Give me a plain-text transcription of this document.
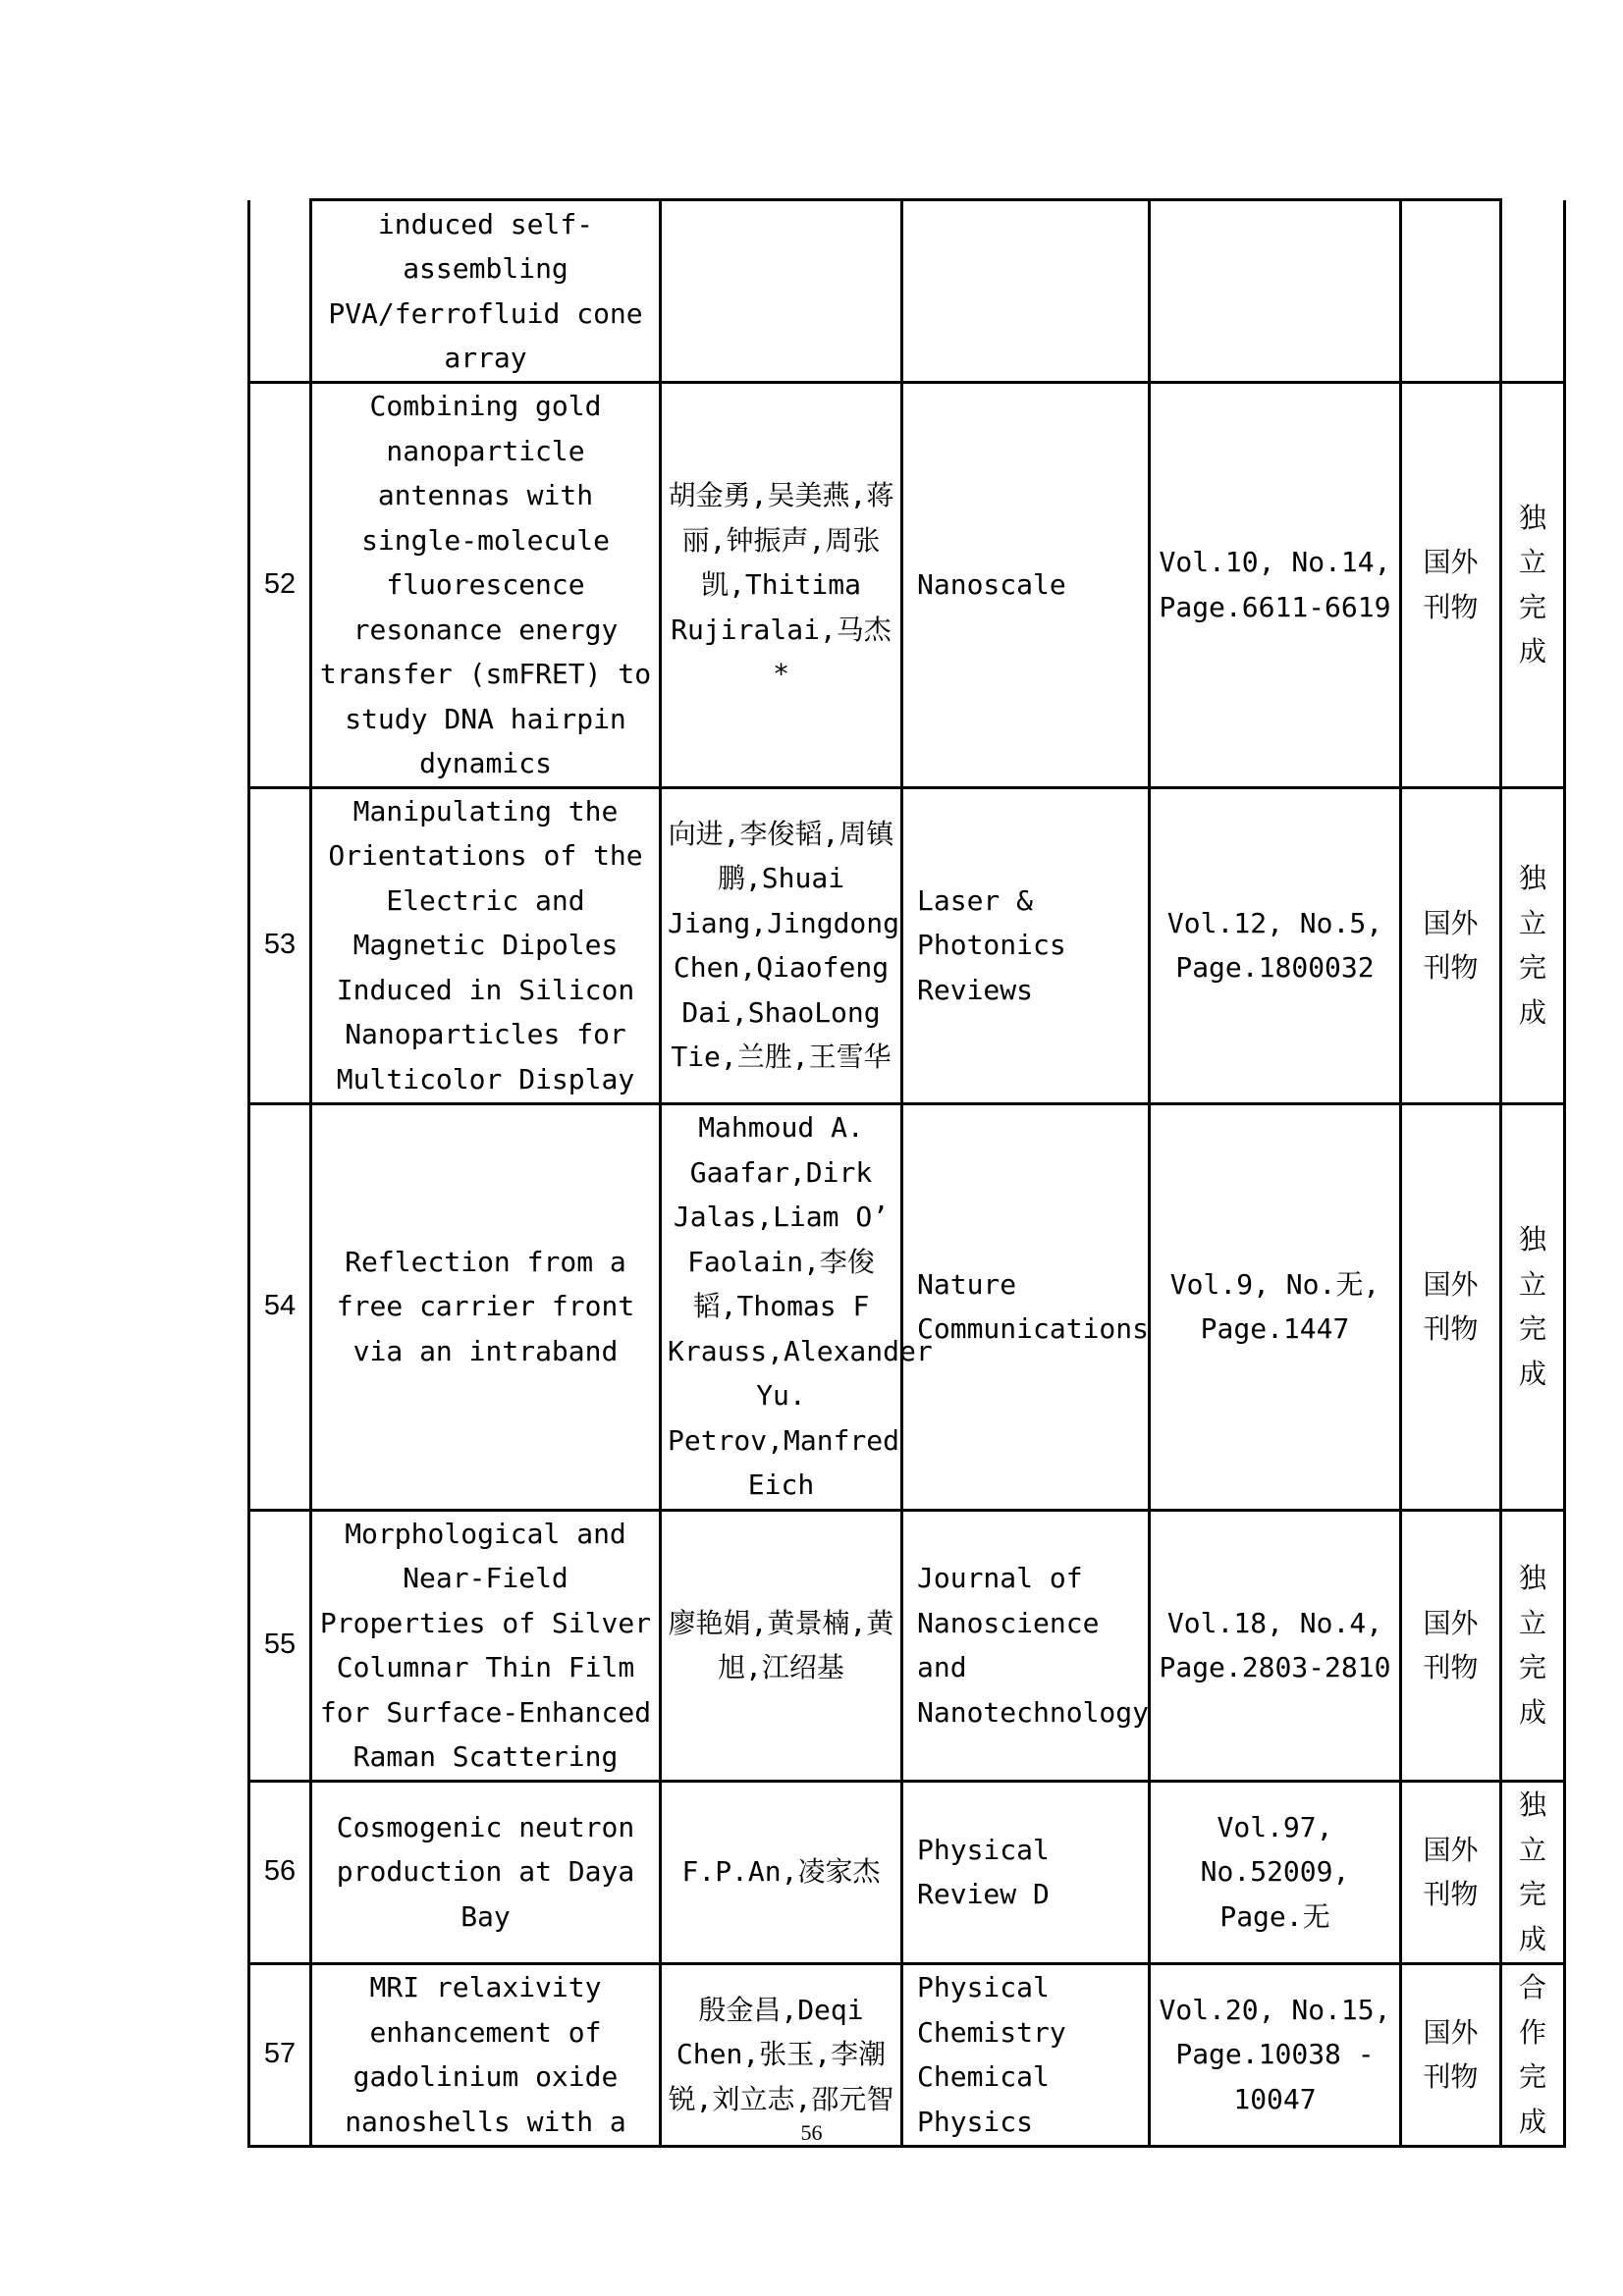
	induced self-assembling PVA/ferrofluid cone array					
52	Combining gold nanoparticle antennas with single-molecule fluorescence resonance energy transfer (smFRET) to study DNA hairpin dynamics	胡金勇,吴美燕,蒋丽,钟振声,周张凯,Thitima Rujiralai,马杰*	Nanoscale	Vol.10, No.14, Page.6611-6619	国外刊物	独立完成
53	Manipulating the Orientations of the Electric and Magnetic Dipoles Induced in Silicon Nanoparticles for Multicolor Display	向进,李俊韬,周镇鹏,Shuai Jiang,Jingdong Chen,Qiaofeng Dai,ShaoLong Tie,兰胜,王雪华	Laser & Photonics Reviews	Vol.12, No.5, Page.1800032	国外刊物	独立完成
54	Reflection from a free carrier front via an intraband	Mahmoud A. Gaafar,Dirk Jalas,Liam O’ Faolain,李俊韬,Thomas F Krauss,Alexander Yu. Petrov,Manfred Eich	Nature Communications	Vol.9, No.无, Page.1447	国外刊物	独立完成
55	Morphological and Near-Field Properties of Silver Columnar Thin Film for Surface-Enhanced Raman Scattering	廖艳娟,黄景楠,黄旭,江绍基	Journal of Nanoscience and Nanotechnology	Vol.18, No.4, Page.2803-2810	国外刊物	独立完成
56	Cosmogenic neutron production at Daya Bay	F.P.An,凌家杰	Physical Review D	Vol.97, No.52009, Page.无	国外刊物	独立完成
57	MRI relaxivity enhancement of gadolinium oxide nanoshells with a	殷金昌,Deqi Chen,张玉,李潮锐,刘立志,邵元智	Physical Chemistry Chemical Physics	Vol.20, No.15, Page.10038 - 10047	国外刊物	合作完成
56
